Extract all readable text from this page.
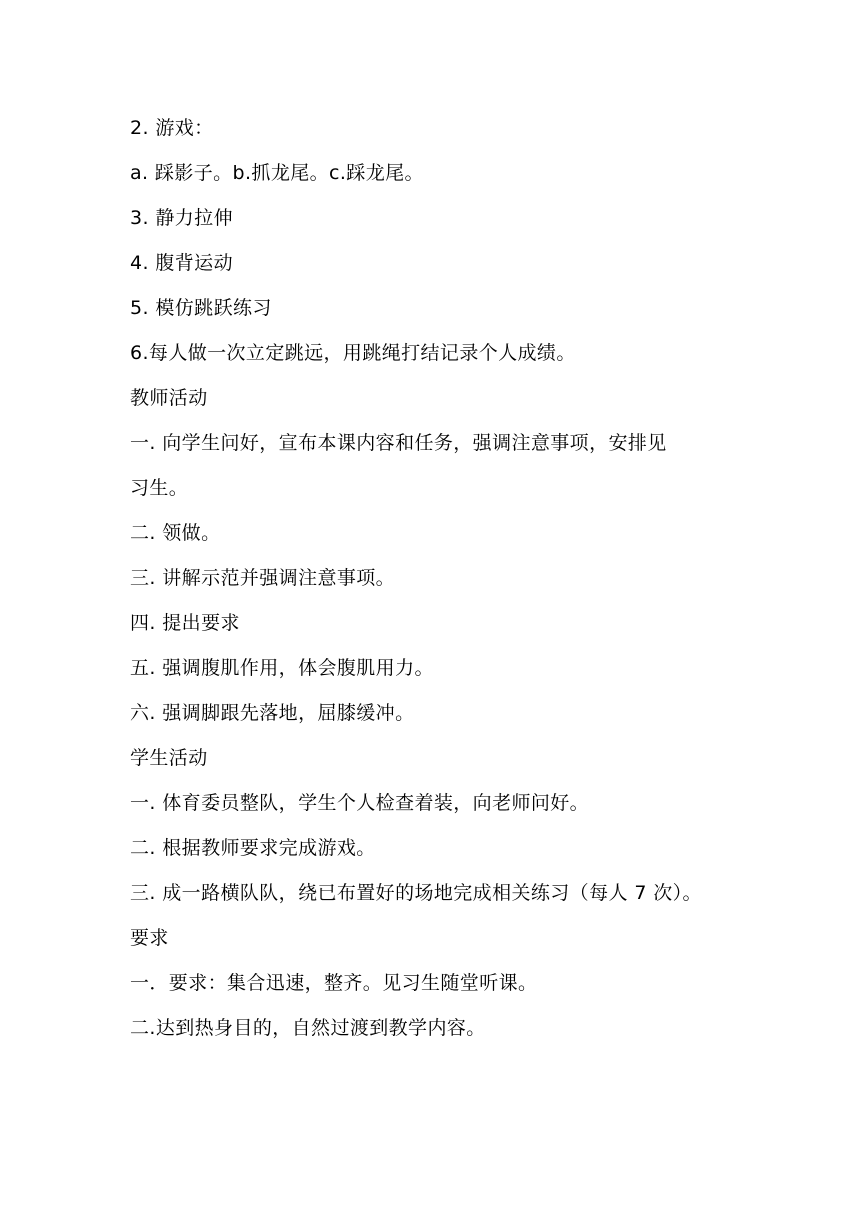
2. 游戏：
a. 踩影子。b.抓龙尾。c.踩龙尾。
3. 静力拉伸
4. 腹背运动
5. 模仿跳跃练习
6.每人做一次立定跳远，用跳绳打结记录个人成绩。
教师活动
一. 向学生问好，宣布本课内容和任务，强调注意事项，安排见
习生。
二. 领做。
三. 讲解示范并强调注意事项。
四. 提出要求
五. 强调腹肌作用，体会腹肌用力。
六. 强调脚跟先落地，屈膝缓冲。
学生活动
一. 体育委员整队，学生个人检查着装，向老师问好。
二. 根据教师要求完成游戏。
三. 成一路横队队，绕已布置好的场地完成相关练习（每人 7 次）。
要求
一．要求：集合迅速，整齐。见习生随堂听课。
二.达到热身目的，自然过渡到教学内容。
